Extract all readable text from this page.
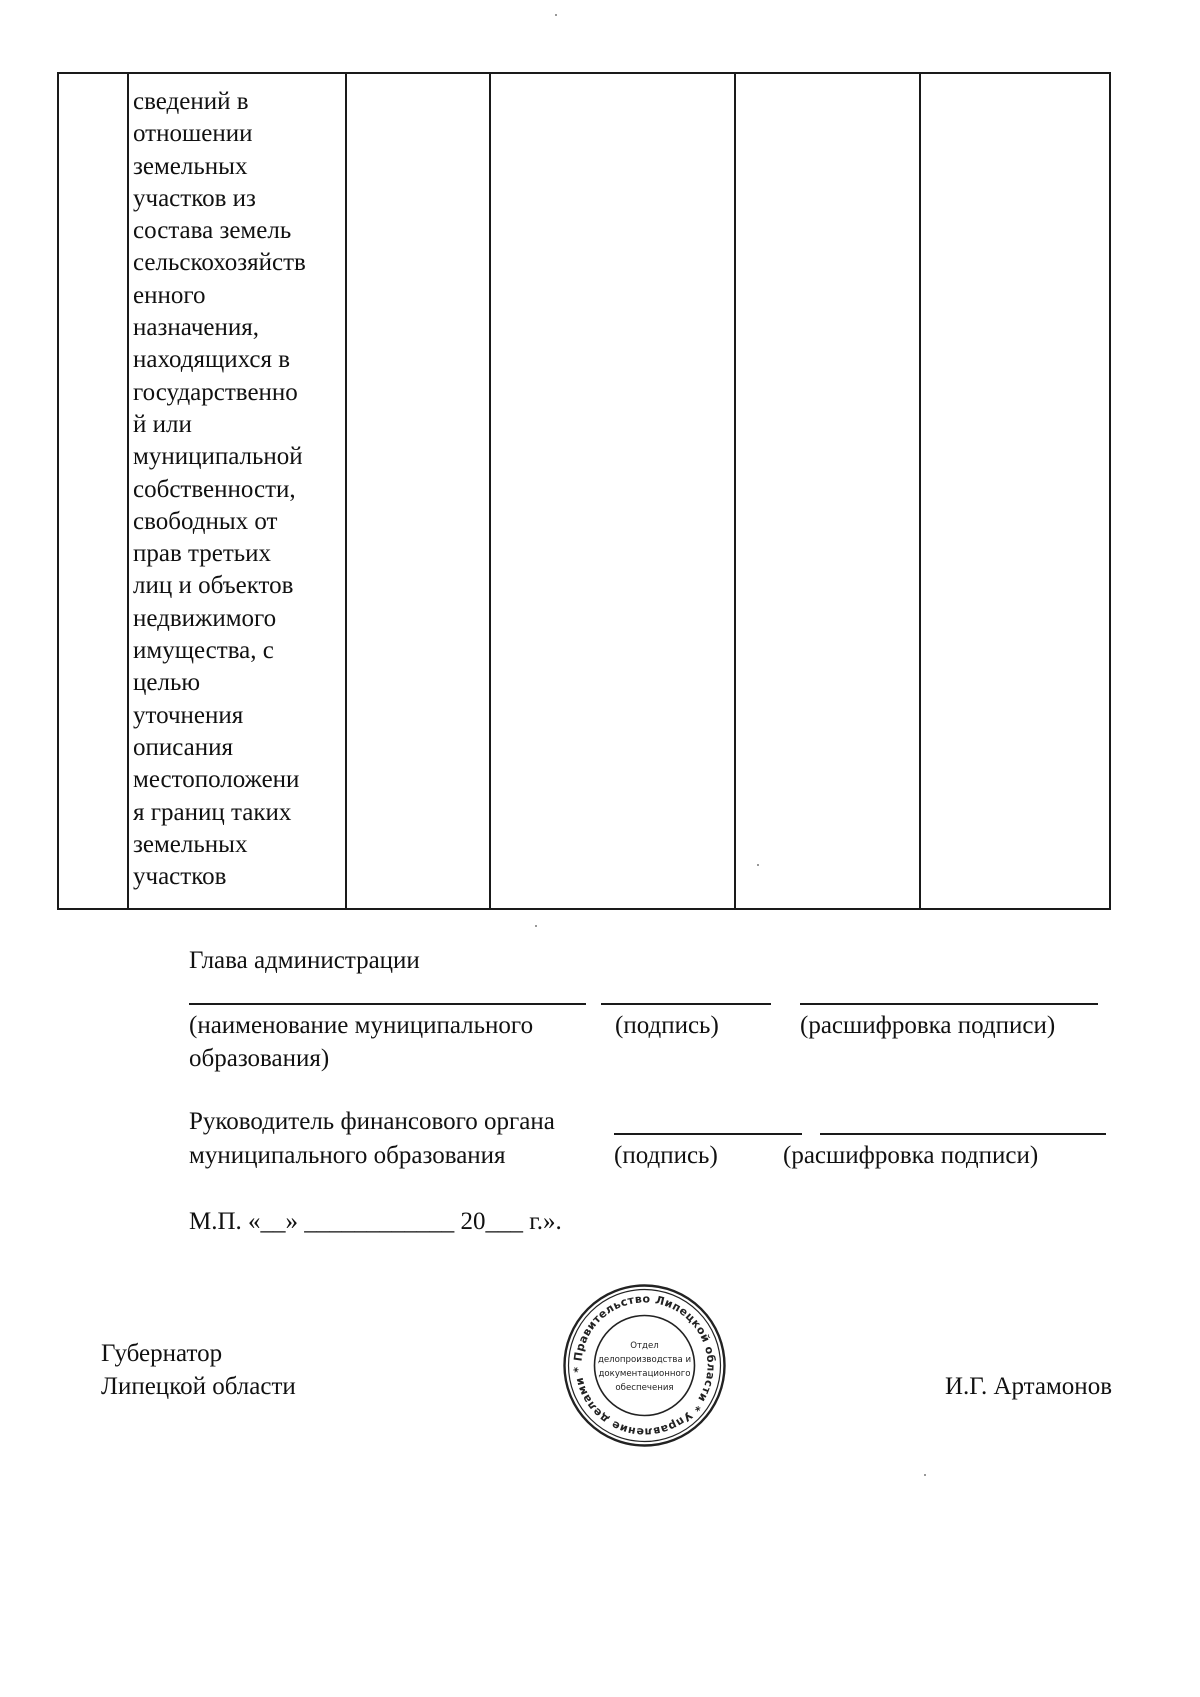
сведений в
отношении
земельных
участков из
состава земель
сельскохозяйств
енного
назначения,
находящихся в
государственно
й или
муниципальной
собственности,
свободных от
прав третьих
лиц и объектов
недвижимого
имущества, с
целью
уточнения
описания
местоположени
я границ таких
земельных
участков
Глава администрации
(наименование муниципального
образования)
(подпись)	(расшифровка подписи)
Руководитель финансового органа
муниципального образования	(подпись)	(расшифровка подписи)
М.П. «__» ____________ 20___ г.».
Губернатор
Липецкой области	И.Г. Артамонов
Правительство Липецкой области * Управление делами *
Отдел
делопроизводства и
документационного
обеспечения
